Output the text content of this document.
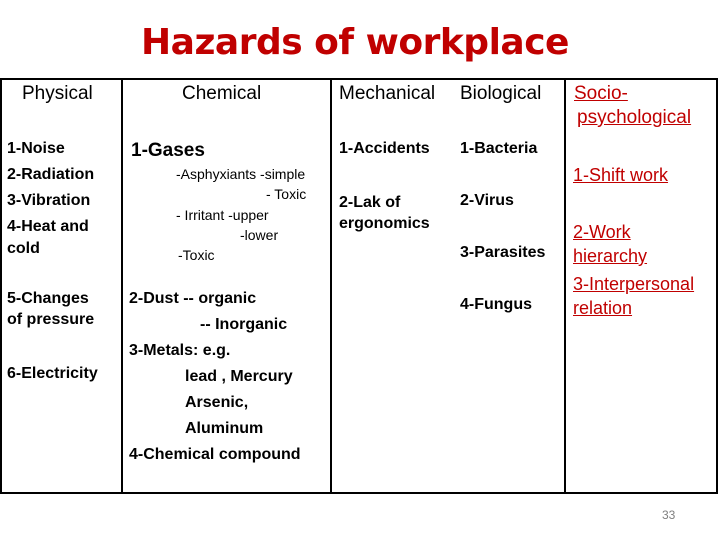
Hazards of workplace
Physical	Chemical	Mechanical Biological Socio-
psychological
1-Noise
2-Radiation
3-Vibration
4-Heat and
cold
5-Changes
of pressure
6-Electricity
1-Gases
-Asphyxiants -simple
- Toxic
- Irritant -upper
-lower
-Toxic
2-Dust -- organic
-- Inorganic
3-Metals: e.g.
lead , Mercury
Arsenic,
Aluminum
4-Chemical compound
1-Accidents
2-Lak of
ergonomics
1-Bacteria
2-Virus
3-Parasites
4-Fungus
1-Shift work
2-Work
hierarchy
3-Interpersonal
relation
33
